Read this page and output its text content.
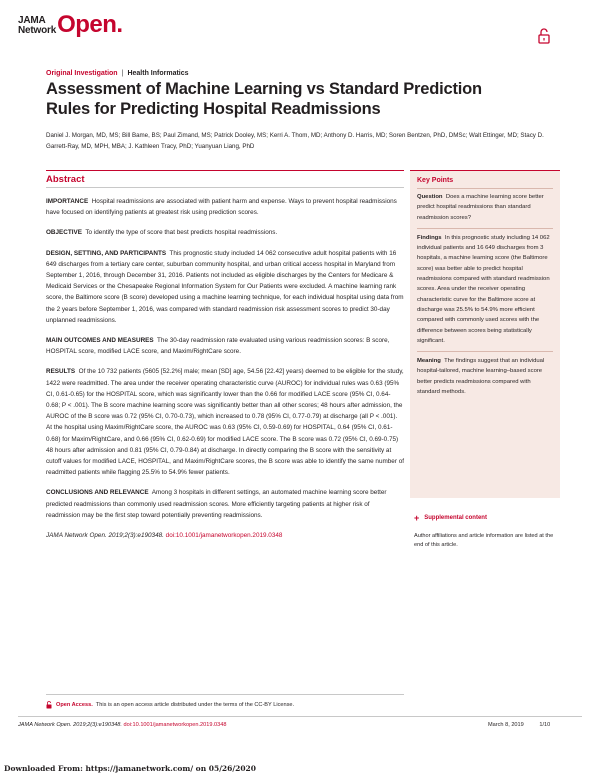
JAMA
Network Open.
Original Investigation | Health Informatics
Assessment of Machine Learning vs Standard Prediction Rules for Predicting Hospital Readmissions
Daniel J. Morgan, MD, MS; Bill Bame, BS; Paul Zimand, MS; Patrick Dooley, MS; Kerri A. Thom, MD; Anthony D. Harris, MD; Soren Bentzen, PhD, DMSc; Walt Ettinger, MD; Stacy D. Garrett-Ray, MD, MPH, MBA; J. Kathleen Tracy, PhD; Yuanyuan Liang, PhD
Abstract

IMPORTANCE Hospital readmissions are associated with patient harm and expense. Ways to prevent hospital readmissions have focused on identifying patients at greatest risk using prediction scores.

OBJECTIVE To identify the type of score that best predicts hospital readmissions.

DESIGN, SETTING, AND PARTICIPANTS This prognostic study included 14 062 consecutive adult hospital patients with 16 649 discharges from a tertiary care center, suburban community hospital, and urban critical access hospital in Maryland from September 1, 2016, through December 31, 2016. Patients not included as eligible discharges by the Centers for Medicare & Medicaid Services or the Chesapeake Regional Information System for Our Patients were excluded. A machine learning rank score, the Baltimore score (B score) developed using a machine learning technique, for each individual hospital using data from the 2 years before September 1, 2016, was compared with standard readmission risk assessment scores to predict 30-day unplanned readmissions.

MAIN OUTCOMES AND MEASURES The 30-day readmission rate evaluated using various readmission scores: B score, HOSPITAL score, modified LACE score, and Maxim/RightCare score.

RESULTS Of the 10 732 patients (5605 [52.2%] male; mean [SD] age, 54.56 [22.42] years) deemed to be eligible for the study, 1422 were readmitted. The area under the receiver operating characteristic curve (AUROC) for individual rules was 0.63 (95% CI, 0.61-0.65) for the HOSPITAL score, which was significantly lower than the 0.66 for modified LACE score (95% CI, 0.64-0.68; P < .001). The B score machine learning score was significantly better than all other scores; 48 hours after admission, the AUROC of the B score was 0.72 (95% CI, 0.70-0.73), which increased to 0.78 (95% CI, 0.77-0.79) at discharge (all P < .001). At the hospital using Maxim/RightCare score, the AUROC was 0.63 (95% CI, 0.59-0.69) for HOSPITAL, 0.64 (95% CI, 0.61-0.68) for Maxim/RightCare, and 0.66 (95% CI, 0.62-0.69) for modified LACE score. The B score was 0.72 (95% CI, 0.69-0.75) 48 hours after admission and 0.81 (95% CI, 0.79-0.84) at discharge. In directly comparing the B score with the sensitivity at cutoff values for modified LACE, HOSPITAL, and Maxim/RightCare scores, the B score was able to identify the same number of readmitted patients while flagging 25.5% to 54.9% fewer patients.

CONCLUSIONS AND RELEVANCE Among 3 hospitals in different settings, an automated machine learning score better predicted readmissions than commonly used readmission scores. More efficiently targeting patients at higher risk of readmission may be the first step toward potentially preventing readmissions.

JAMA Network Open. 2019;2(3):e190348. doi:10.1001/jamanetworkopen.2019.0348

Key Points
Question Does a machine learning score better predict hospital readmissions than standard readmission scores?
Findings In this prognostic study including 14 062 individual patients and 16 649 discharges from 3 hospitals, a machine learning score (the Baltimore score) was better able to predict hospital readmissions compared with standard readmission scores. Area under the receiver operating characteristic curve for the Baltimore score at discharge was 25.5% to 54.9% more efficient compared with commonly used scores with the difference between scores being statistically significant.
Meaning The findings suggest that an individual hospital-tailored, machine learning–based score better predicts readmissions compared with standard methods.
+ Supplemental content
Author affiliations and article information are listed at the end of this article.
Open Access. This is an open access article distributed under the terms of the CC-BY License.
JAMA Network Open. 2019;2(3):e190348. doi:10.1001/jamanetworkopen.2019.0348	March 8, 2019	1/10
Downloaded From: https://jamanetwork.com/ on 05/26/2020
